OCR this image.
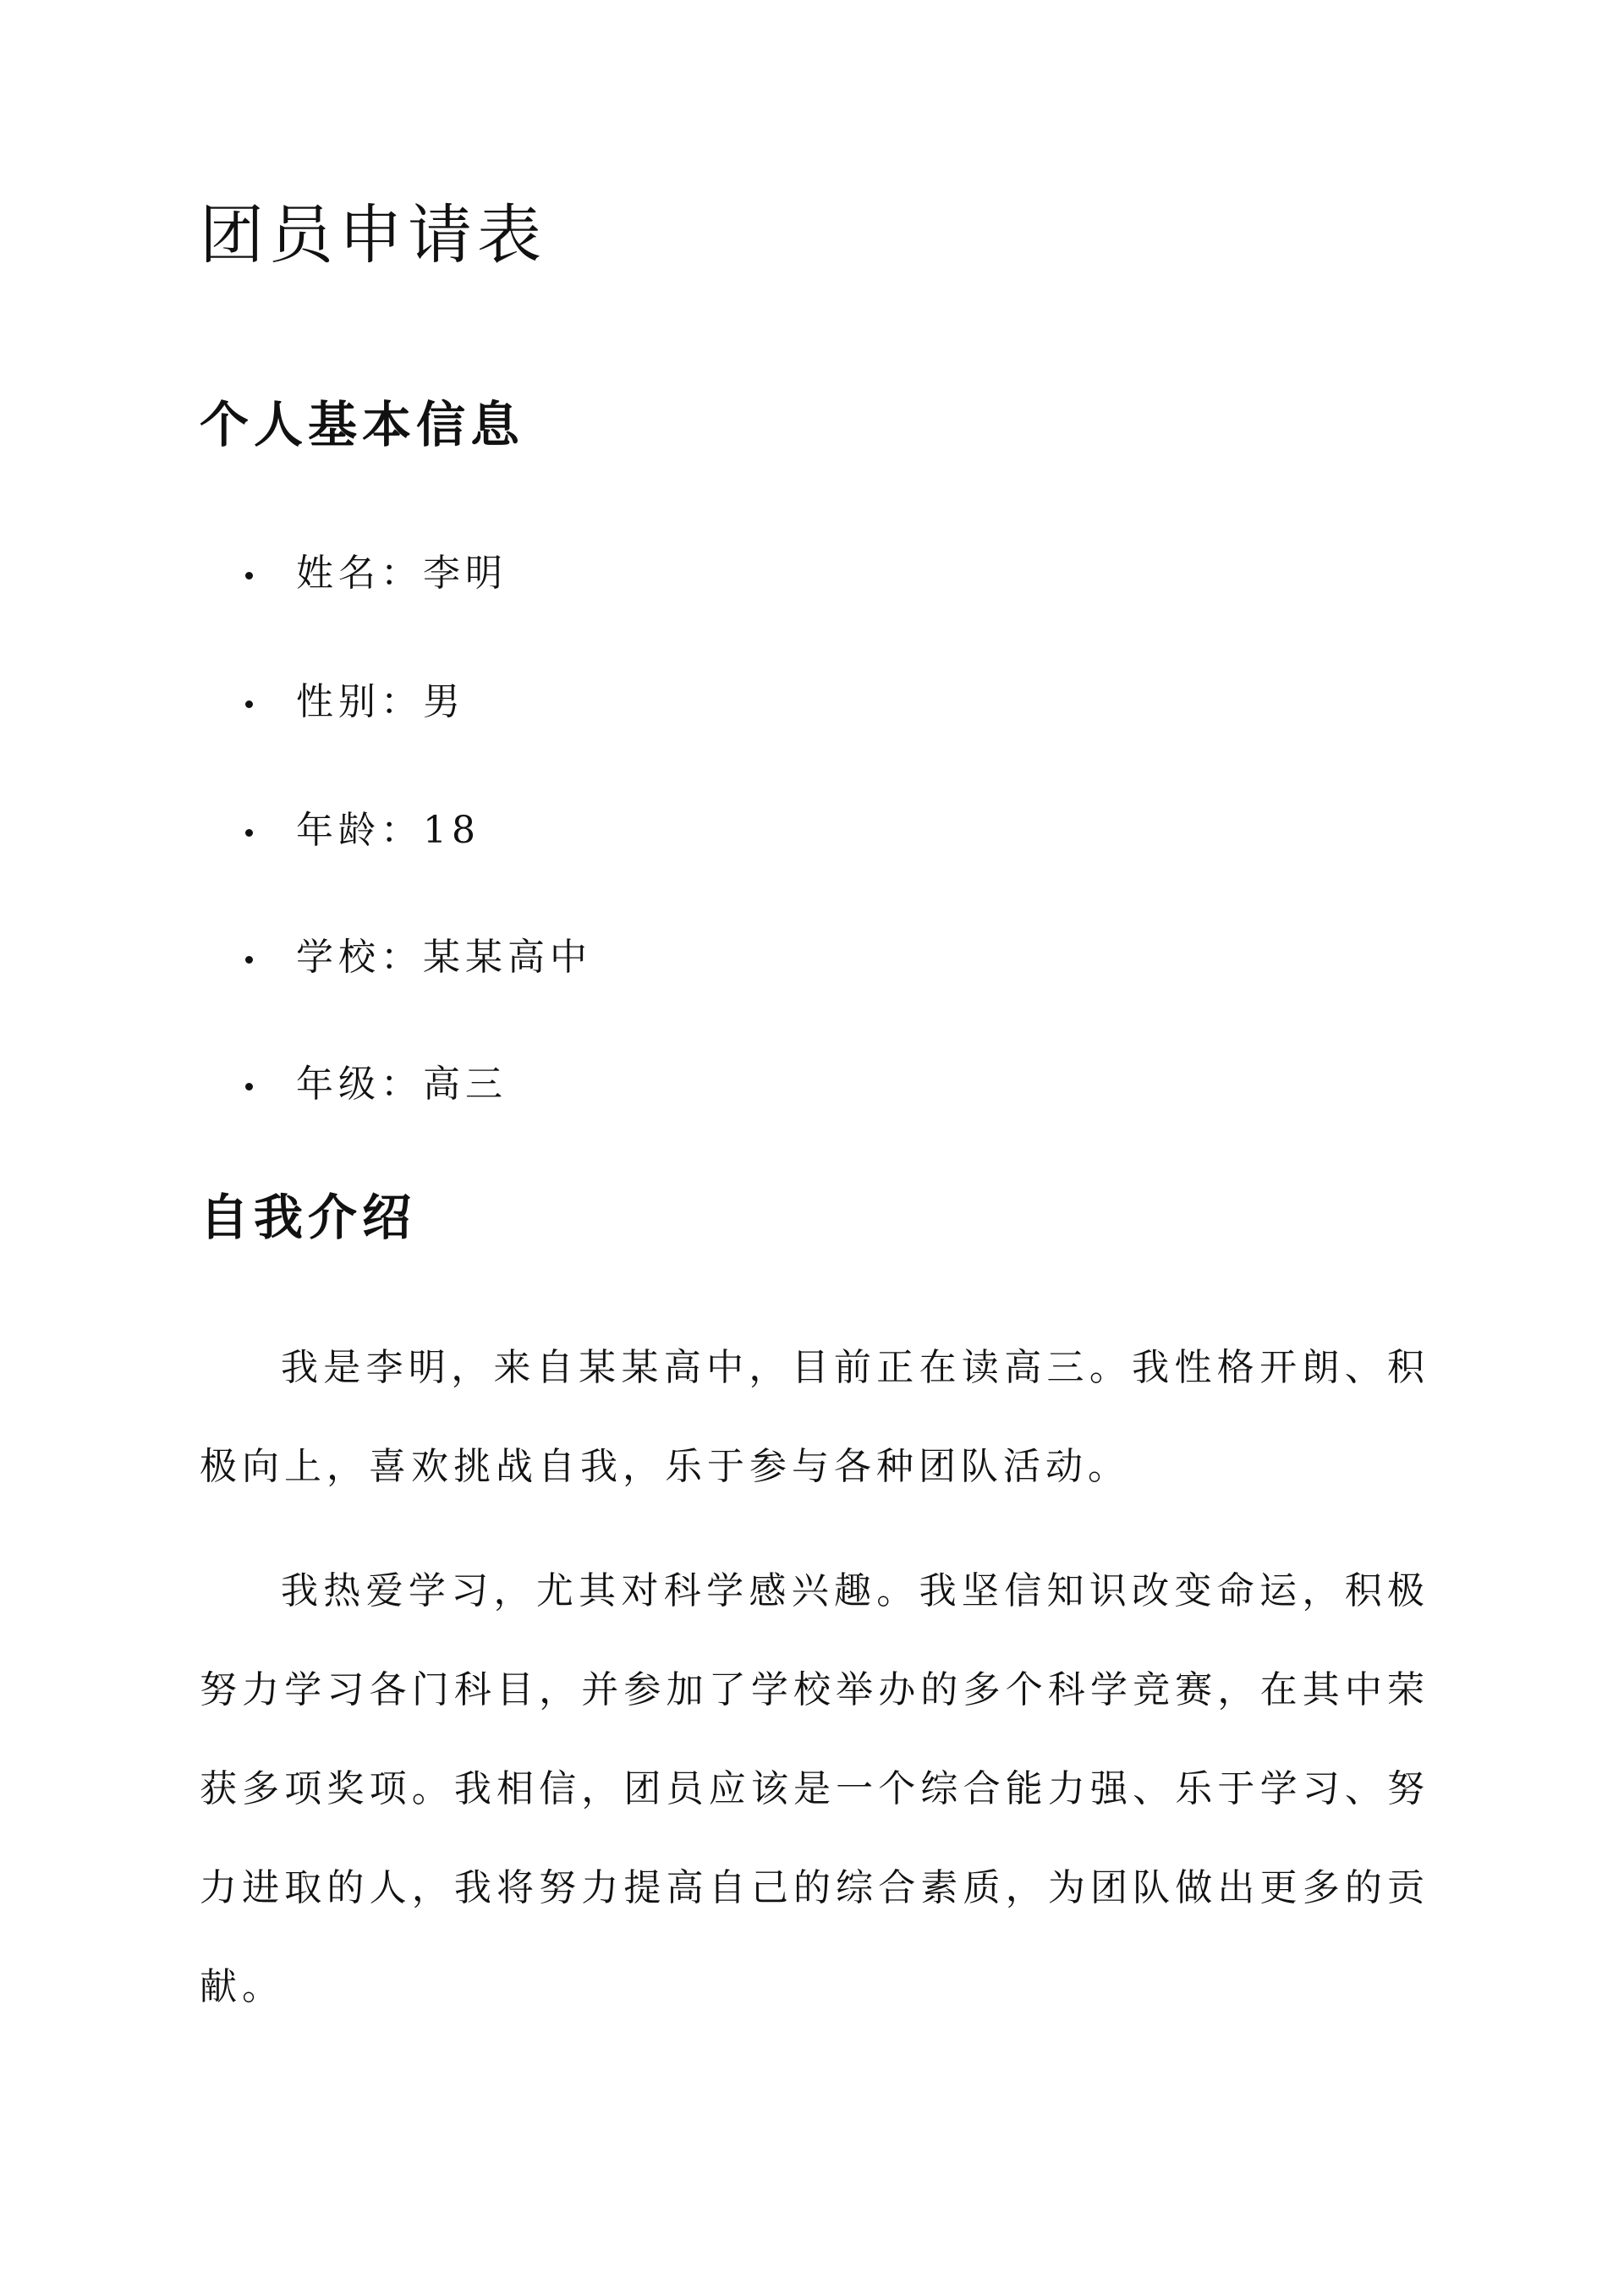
团员申请表
个人基本信息
姓名：李明
性别：男
年龄：18
学校：某某高中
年级：高三
自我介绍

我是李明，来自某某高中，目前正在读高三。我性格开朗、积极向上，喜欢挑战自我，乐于参与各种团队活动。

我热爱学习，尤其对科学感兴趣。我坚信知识改变命运，积极努力学习各门科目，并参加了学校举办的多个科学竞赛，在其中荣获多项奖项。我相信，团员应该是一个综合能力强、乐于学习、努力进取的人，我将努力提高自己的综合素质，为团队做出更多的贡献。
